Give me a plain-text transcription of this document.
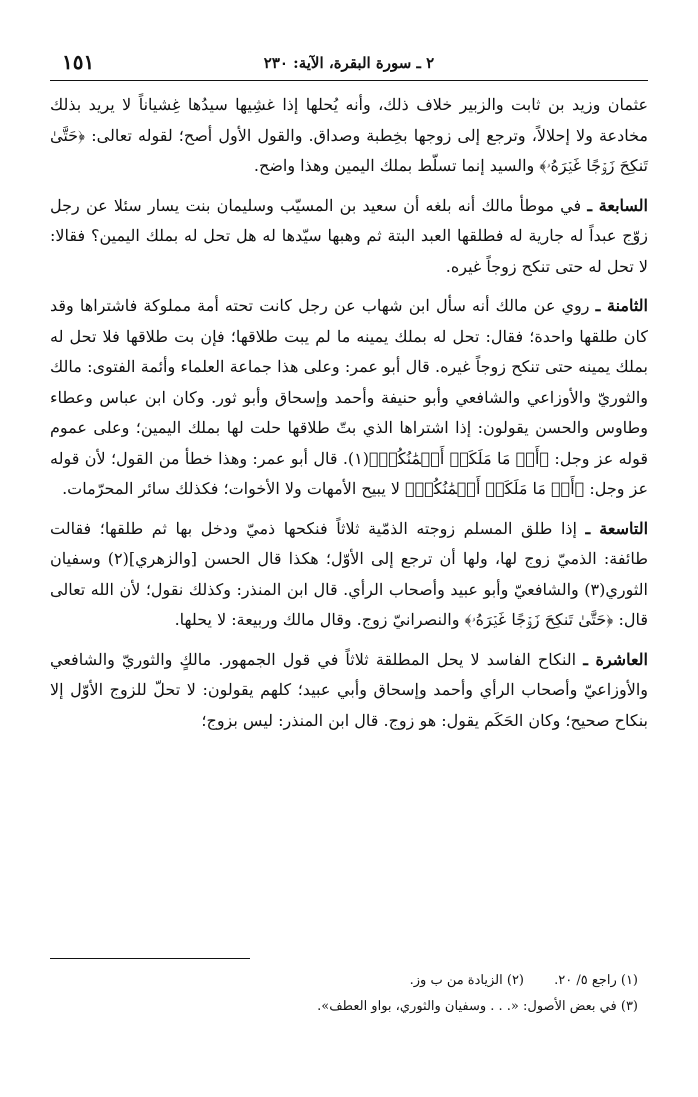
١٥١	٢ ـ سورة البقرة، الآية: ٢٣٠

عثمان وزيد بن ثابت والزبير خلاف ذلك، وأنه يُحلها إذا غشِيها سيدُها غِشياناً لا يريد بذلك مخادعة ولا إحلالاً، وترجع إلى زوجها بخِطبة وصداق. والقول الأول أصح؛ لقوله تعالى: ﴿حَتَّىٰ تَنكِحَ زَوۡجًا غَيۡرَهُۥ﴾ والسيد إنما تسلّط بملك اليمين وهذا واضح.

السابعة ـ في موطأ مالك أنه بلغه أن سعيد بن المسيّب وسليمان بنت يسار سئلا عن رجل زوّج عبداً له جارية له فطلقها العبد البتة ثم وهبها سيّدها له هل تحل له بملك اليمين؟ فقالا: لا تحل له حتى تنكح زوجاً غيره.

الثامنة ـ روي عن مالك أنه سأل ابن شهاب عن رجل كانت تحته أمة مملوكة فاشتراها وقد كان طلقها واحدة؛ فقال: تحل له بملك يمينه ما لم يبت طلاقها؛ فإن بت طلاقها فلا تحل له بملك يمينه حتى تنكح زوجاً غيره. قال أبو عمر: وعلى هذا جماعة العلماء وأئمة الفتوى: مالك والثوريّ والأوزاعي والشافعي وأبو حنيفة وأحمد وإسحاق وأبو ثور. وكان ابن عباس وعطاء وطاوس والحسن يقولون: إذا اشتراها الذي بتّ طلاقها حلت لها بملك اليمين؛ وعلى عموم قوله عز وجل: ﴿أَوۡ مَا مَلَكَتۡ أَيۡمَٰنُكُمۡ﴾(١). قال أبو عمر: وهذا خطأ من القول؛ لأن قوله عز وجل: ﴿أَوۡ مَا مَلَكَتۡ أَيۡمَٰنُكُمۡ﴾ لا يبيح الأمهات ولا الأخوات؛ فكذلك سائر المحرّمات.

التاسعة ـ إذا طلق المسلم زوجته الذمّية ثلاثاً فنكحها ذميّ ودخل بها ثم طلقها؛ فقالت طائفة: الذميّ زوج لها، ولها أن ترجع إلى الأوّل؛ هكذا قال الحسن [والزهري](٢) وسفيان الثوري(٣) والشافعيّ وأبو عبيد وأصحاب الرأي. قال ابن المنذر: وكذلك نقول؛ لأن الله تعالى قال: ﴿حَتَّىٰ تَنكِحَ زَوۡجًا غَيۡرَهُۥ﴾ والنصرانيّ زوج. وقال مالك وربيعة: لا يحلها.

العاشرة ـ النكاح الفاسد لا يحل المطلقة ثلاثاً في قول الجمهور. مالكٍ والثوريّ والشافعي والأوزاعيّ وأصحاب الرأي وأحمد وإسحاق وأبي عبيد؛ كلهم يقولون: لا تحلّ للزوج الأوّل إلا بنكاح صحيح؛ وكان الحَكَم يقول: هو زوج. قال ابن المنذر: ليس بزوج؛

(١) راجع ٥/ ٢٠. (٢) الزيادة من ب وز.
(٣) في بعض الأصول: «. . . وسفيان والثوري، بواو العطف».
